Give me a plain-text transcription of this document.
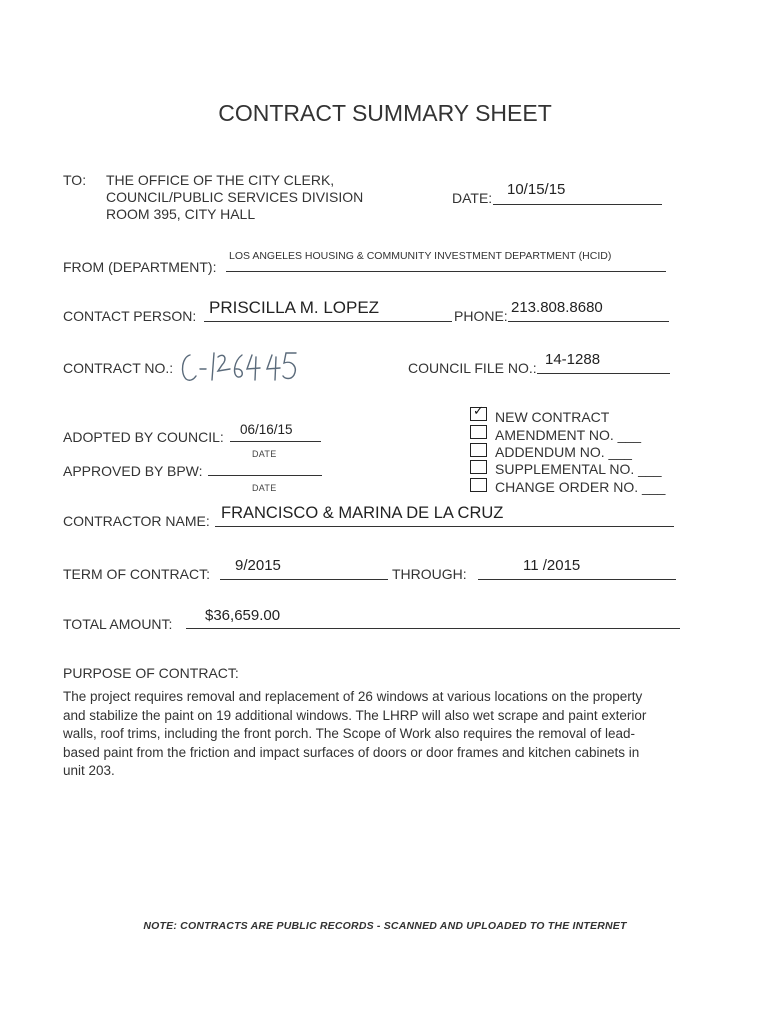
CONTRACT SUMMARY SHEET
TO: THE OFFICE OF THE CITY CLERK,
COUNCIL/PUBLIC SERVICES DIVISION
ROOM 395, CITY HALL
DATE: 10/15/15
FROM (DEPARTMENT):
LOS ANGELES HOUSING & COMMUNITY INVESTMENT DEPARTMENT (HCID)
CONTACT PERSON: PRISCILLA M. LOPEZ	PHONE: 213.808.8680
CONTRACT NO.:	COUNCIL FILE NO.: 14-1288
ADOPTED BY COUNCIL: 06/16/15
DATE
APPROVED BY BPW:
DATE
✓ NEW CONTRACT
AMENDMENT NO. ___
ADDENDUM NO. ___
SUPPLEMENTAL NO. ___
CHANGE ORDER NO. ___
CONTRACTOR NAME: FRANCISCO & MARINA DE LA CRUZ
TERM OF CONTRACT: 9/2015	THROUGH:	11 /2015
TOTAL AMOUNT: $36,659.00
PURPOSE OF CONTRACT:
The project requires removal and replacement of 26 windows at various locations on the property and stabilize the paint on 19 additional windows. The LHRP will also wet scrape and paint exterior walls, roof trims, including the front porch. The Scope of Work also requires the removal of lead-based paint from the friction and impact surfaces of doors or door frames and kitchen cabinets in unit 203.
NOTE: CONTRACTS ARE PUBLIC RECORDS - SCANNED AND UPLOADED TO THE INTERNET
